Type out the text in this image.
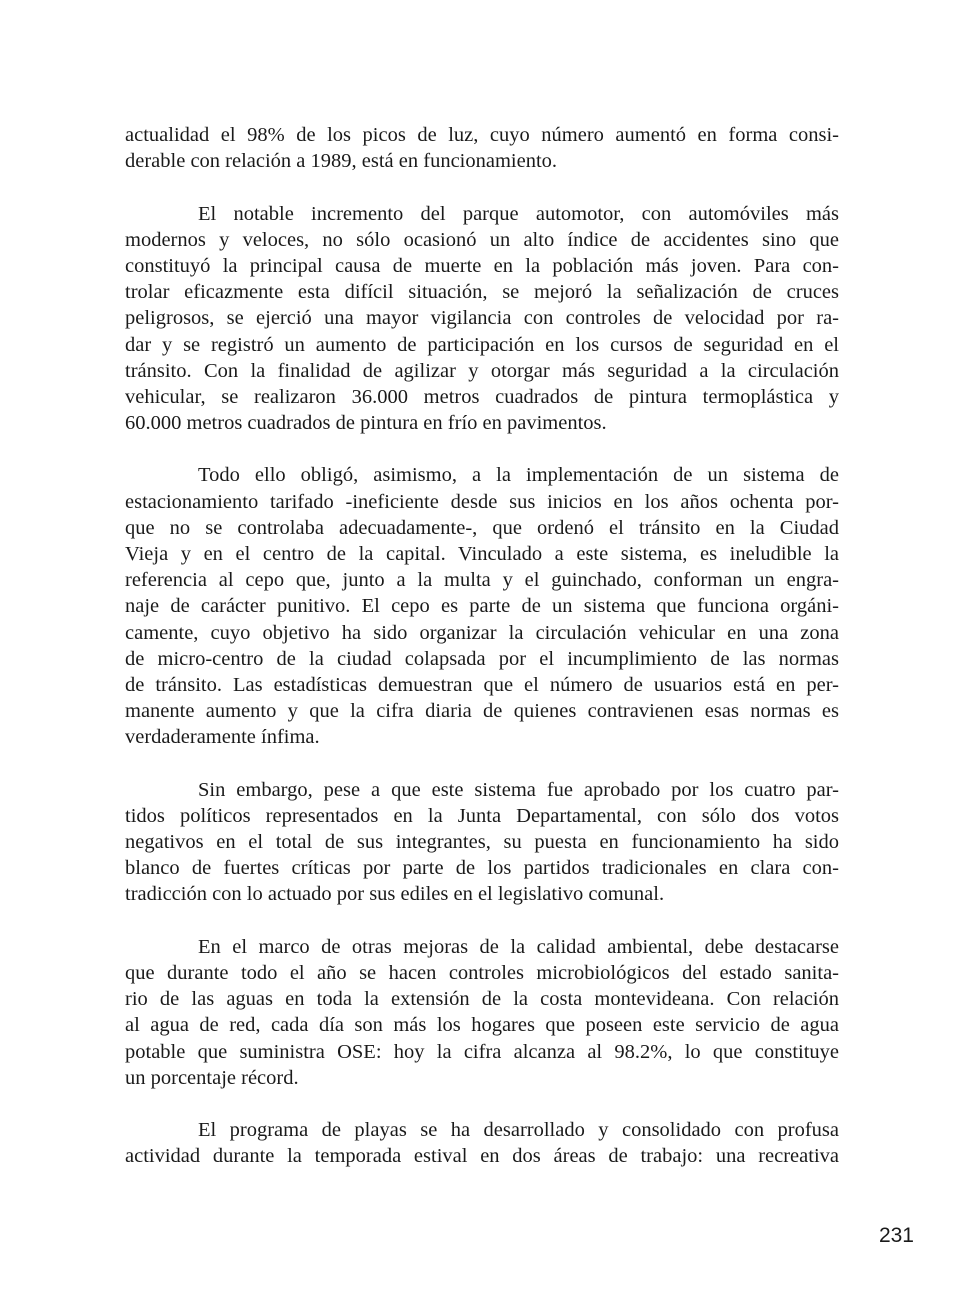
actualidad el 98% de los picos de luz, cuyo número aumentó en forma consi-
derable con relación a 1989, está en funcionamiento.
El notable incremento del parque automotor, con automóviles más
modernos y veloces, no sólo ocasionó un alto índice de accidentes sino que
constituyó la principal causa de muerte en la población más joven. Para con-
trolar eficazmente esta difícil situación, se mejoró la señalización de cruces
peligrosos, se ejerció una mayor vigilancia con controles de velocidad por ra-
dar y se registró un aumento de participación en los cursos de seguridad en el
tránsito. Con la finalidad de agilizar y otorgar más seguridad a la circulación
vehicular, se realizaron 36.000 metros cuadrados de pintura termoplástica y
60.000 metros cuadrados de pintura en frío en pavimentos.
Todo ello obligó, asimismo, a la implementación de un sistema de
estacionamiento tarifado -ineficiente desde sus inicios en los años ochenta por-
que no se controlaba adecuadamente-, que ordenó el tránsito en la Ciudad
Vieja y en el centro de la capital. Vinculado a este sistema, es ineludible la
referencia al cepo que, junto a la multa y el guinchado, conforman un engra-
naje de carácter punitivo. El cepo es parte de un sistema que funciona orgáni-
camente, cuyo objetivo ha sido organizar la circulación vehicular en una zona
de micro-centro de la ciudad colapsada por el incumplimiento de las normas
de tránsito. Las estadísticas demuestran que el número de usuarios está en per-
manente aumento y que la cifra diaria de quienes contravienen esas normas es
verdaderamente ínfima.
Sin embargo, pese a que este sistema fue aprobado por los cuatro par-
tidos políticos representados en la Junta Departamental, con sólo dos votos
negativos en el total de sus integrantes, su puesta en funcionamiento ha sido
blanco de fuertes críticas por parte de los partidos tradicionales en clara con-
tradicción con lo actuado por sus ediles en el legislativo comunal.
En el marco de otras mejoras de la calidad ambiental, debe destacarse
que durante todo el año se hacen controles microbiológicos del estado sanita-
rio de las aguas en toda la extensión de la costa montevideana. Con relación
al agua de red, cada día son más los hogares que poseen este servicio de agua
potable que suministra OSE: hoy la cifra alcanza al 98.2%, lo que constituye
un porcentaje récord.
El programa de playas se ha desarrollado y consolidado con profusa
actividad durante la temporada estival en dos áreas de trabajo: una recreativa
231
